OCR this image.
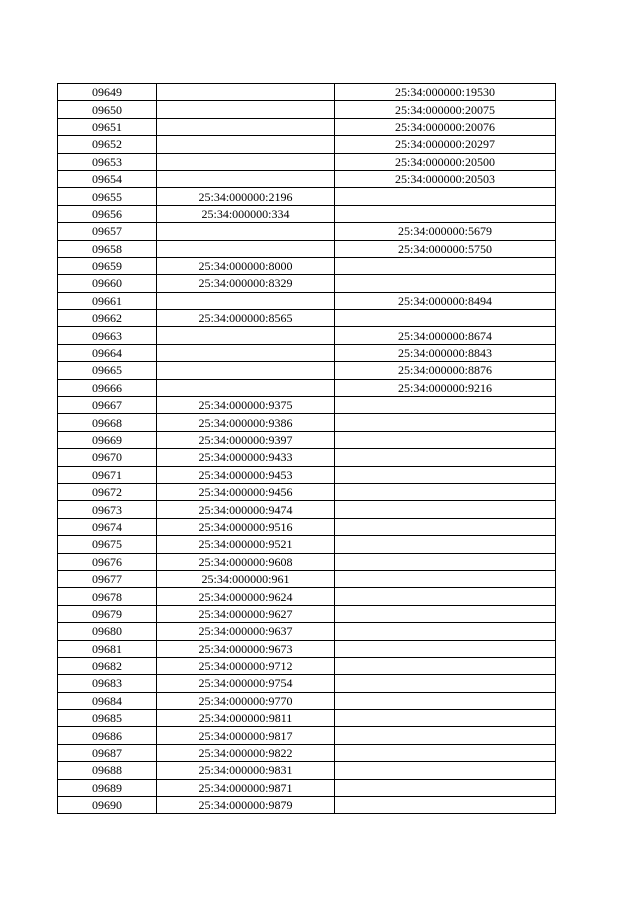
09649		25:34:000000:19530
09650		25:34:000000:20075
09651		25:34:000000:20076
09652		25:34:000000:20297
09653		25:34:000000:20500
09654		25:34:000000:20503
09655	25:34:000000:2196	
09656	25:34:000000:334	
09657		25:34:000000:5679
09658		25:34:000000:5750
09659	25:34:000000:8000	
09660	25:34:000000:8329	
09661		25:34:000000:8494
09662	25:34:000000:8565	
09663		25:34:000000:8674
09664		25:34:000000:8843
09665		25:34:000000:8876
09666		25:34:000000:9216
09667	25:34:000000:9375	
09668	25:34:000000:9386	
09669	25:34:000000:9397	
09670	25:34:000000:9433	
09671	25:34:000000:9453	
09672	25:34:000000:9456	
09673	25:34:000000:9474	
09674	25:34:000000:9516	
09675	25:34:000000:9521	
09676	25:34:000000:9608	
09677	25:34:000000:961	
09678	25:34:000000:9624	
09679	25:34:000000:9627	
09680	25:34:000000:9637	
09681	25:34:000000:9673	
09682	25:34:000000:9712	
09683	25:34:000000:9754	
09684	25:34:000000:9770	
09685	25:34:000000:9811	
09686	25:34:000000:9817	
09687	25:34:000000:9822	
09688	25:34:000000:9831	
09689	25:34:000000:9871	
09690	25:34:000000:9879	
